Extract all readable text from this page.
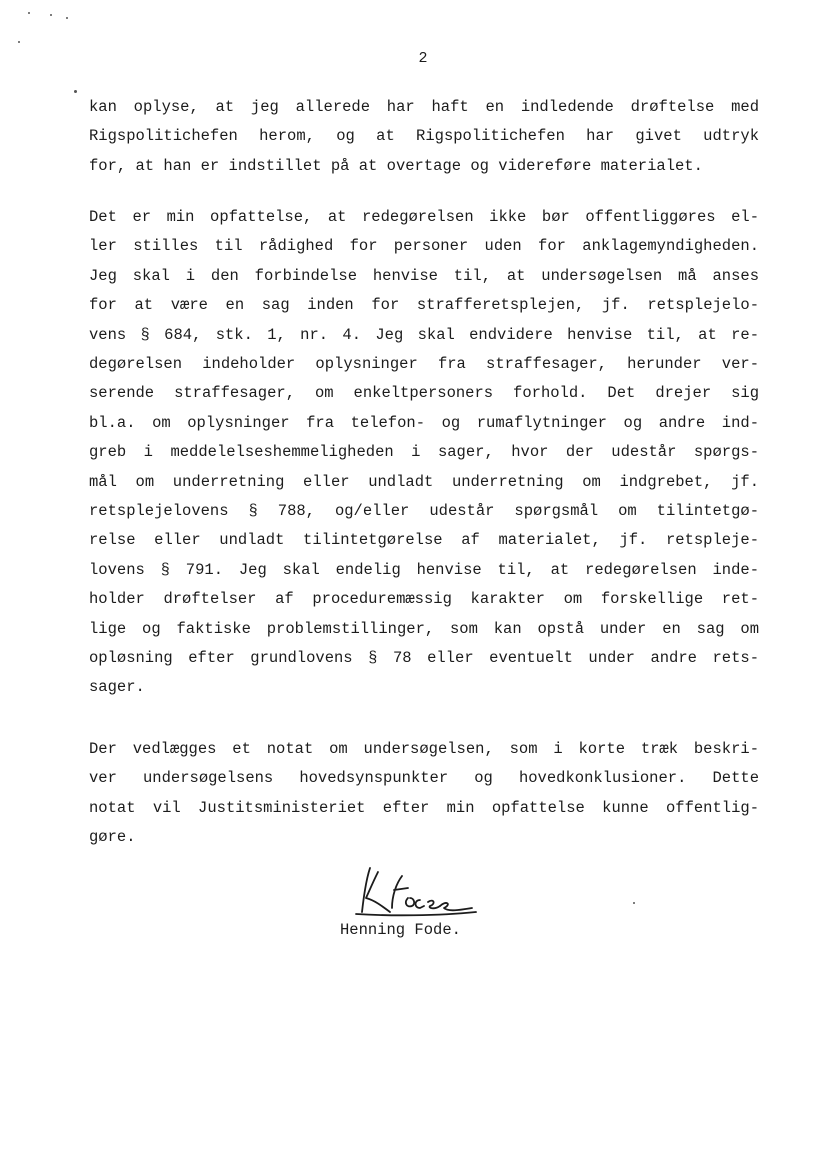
2
kan oplyse, at jeg allerede har haft en indledende drøftelse med
Rigspolitichefen herom, og at Rigspolitichefen har givet udtryk
for, at han er indstillet på at overtage og videreføre materialet.
Det er min opfattelse, at redegørelsen ikke bør offentliggøres el-
ler stilles til rådighed for personer uden for anklagemyndigheden.
Jeg skal i den forbindelse henvise til, at undersøgelsen må anses
for at være en sag inden for strafferetsplejen, jf. retsplejelo-
vens § 684, stk. 1, nr. 4. Jeg skal endvidere henvise til, at re-
degørelsen indeholder oplysninger fra straffesager, herunder ver-
serende straffesager, om enkeltpersoners forhold. Det drejer sig
bl.a. om oplysninger fra telefon- og rumaflytninger og andre ind-
greb i meddelelseshemmeligheden i sager, hvor der udestår spørgs-
mål om underretning eller undladt underretning om indgrebet, jf.
retsplejelovens § 788, og/eller udestår spørgsmål om tilintetgø-
relse eller undladt tilintetgørelse af materialet, jf. retspleje-
lovens § 791. Jeg skal endelig henvise til, at redegørelsen inde-
holder drøftelser af proceduremæssig karakter om forskellige ret-
lige og faktiske problemstillinger, som kan opstå under en sag om
opløsning efter grundlovens § 78 eller eventuelt under andre rets-
sager.
Der vedlægges et notat om undersøgelsen, som i korte træk beskri-
ver undersøgelsens hovedsynspunkter og hovedkonklusioner. Dette
notat vil Justitsministeriet efter min opfattelse kunne offentlig-
gøre.
Henning Fode.
